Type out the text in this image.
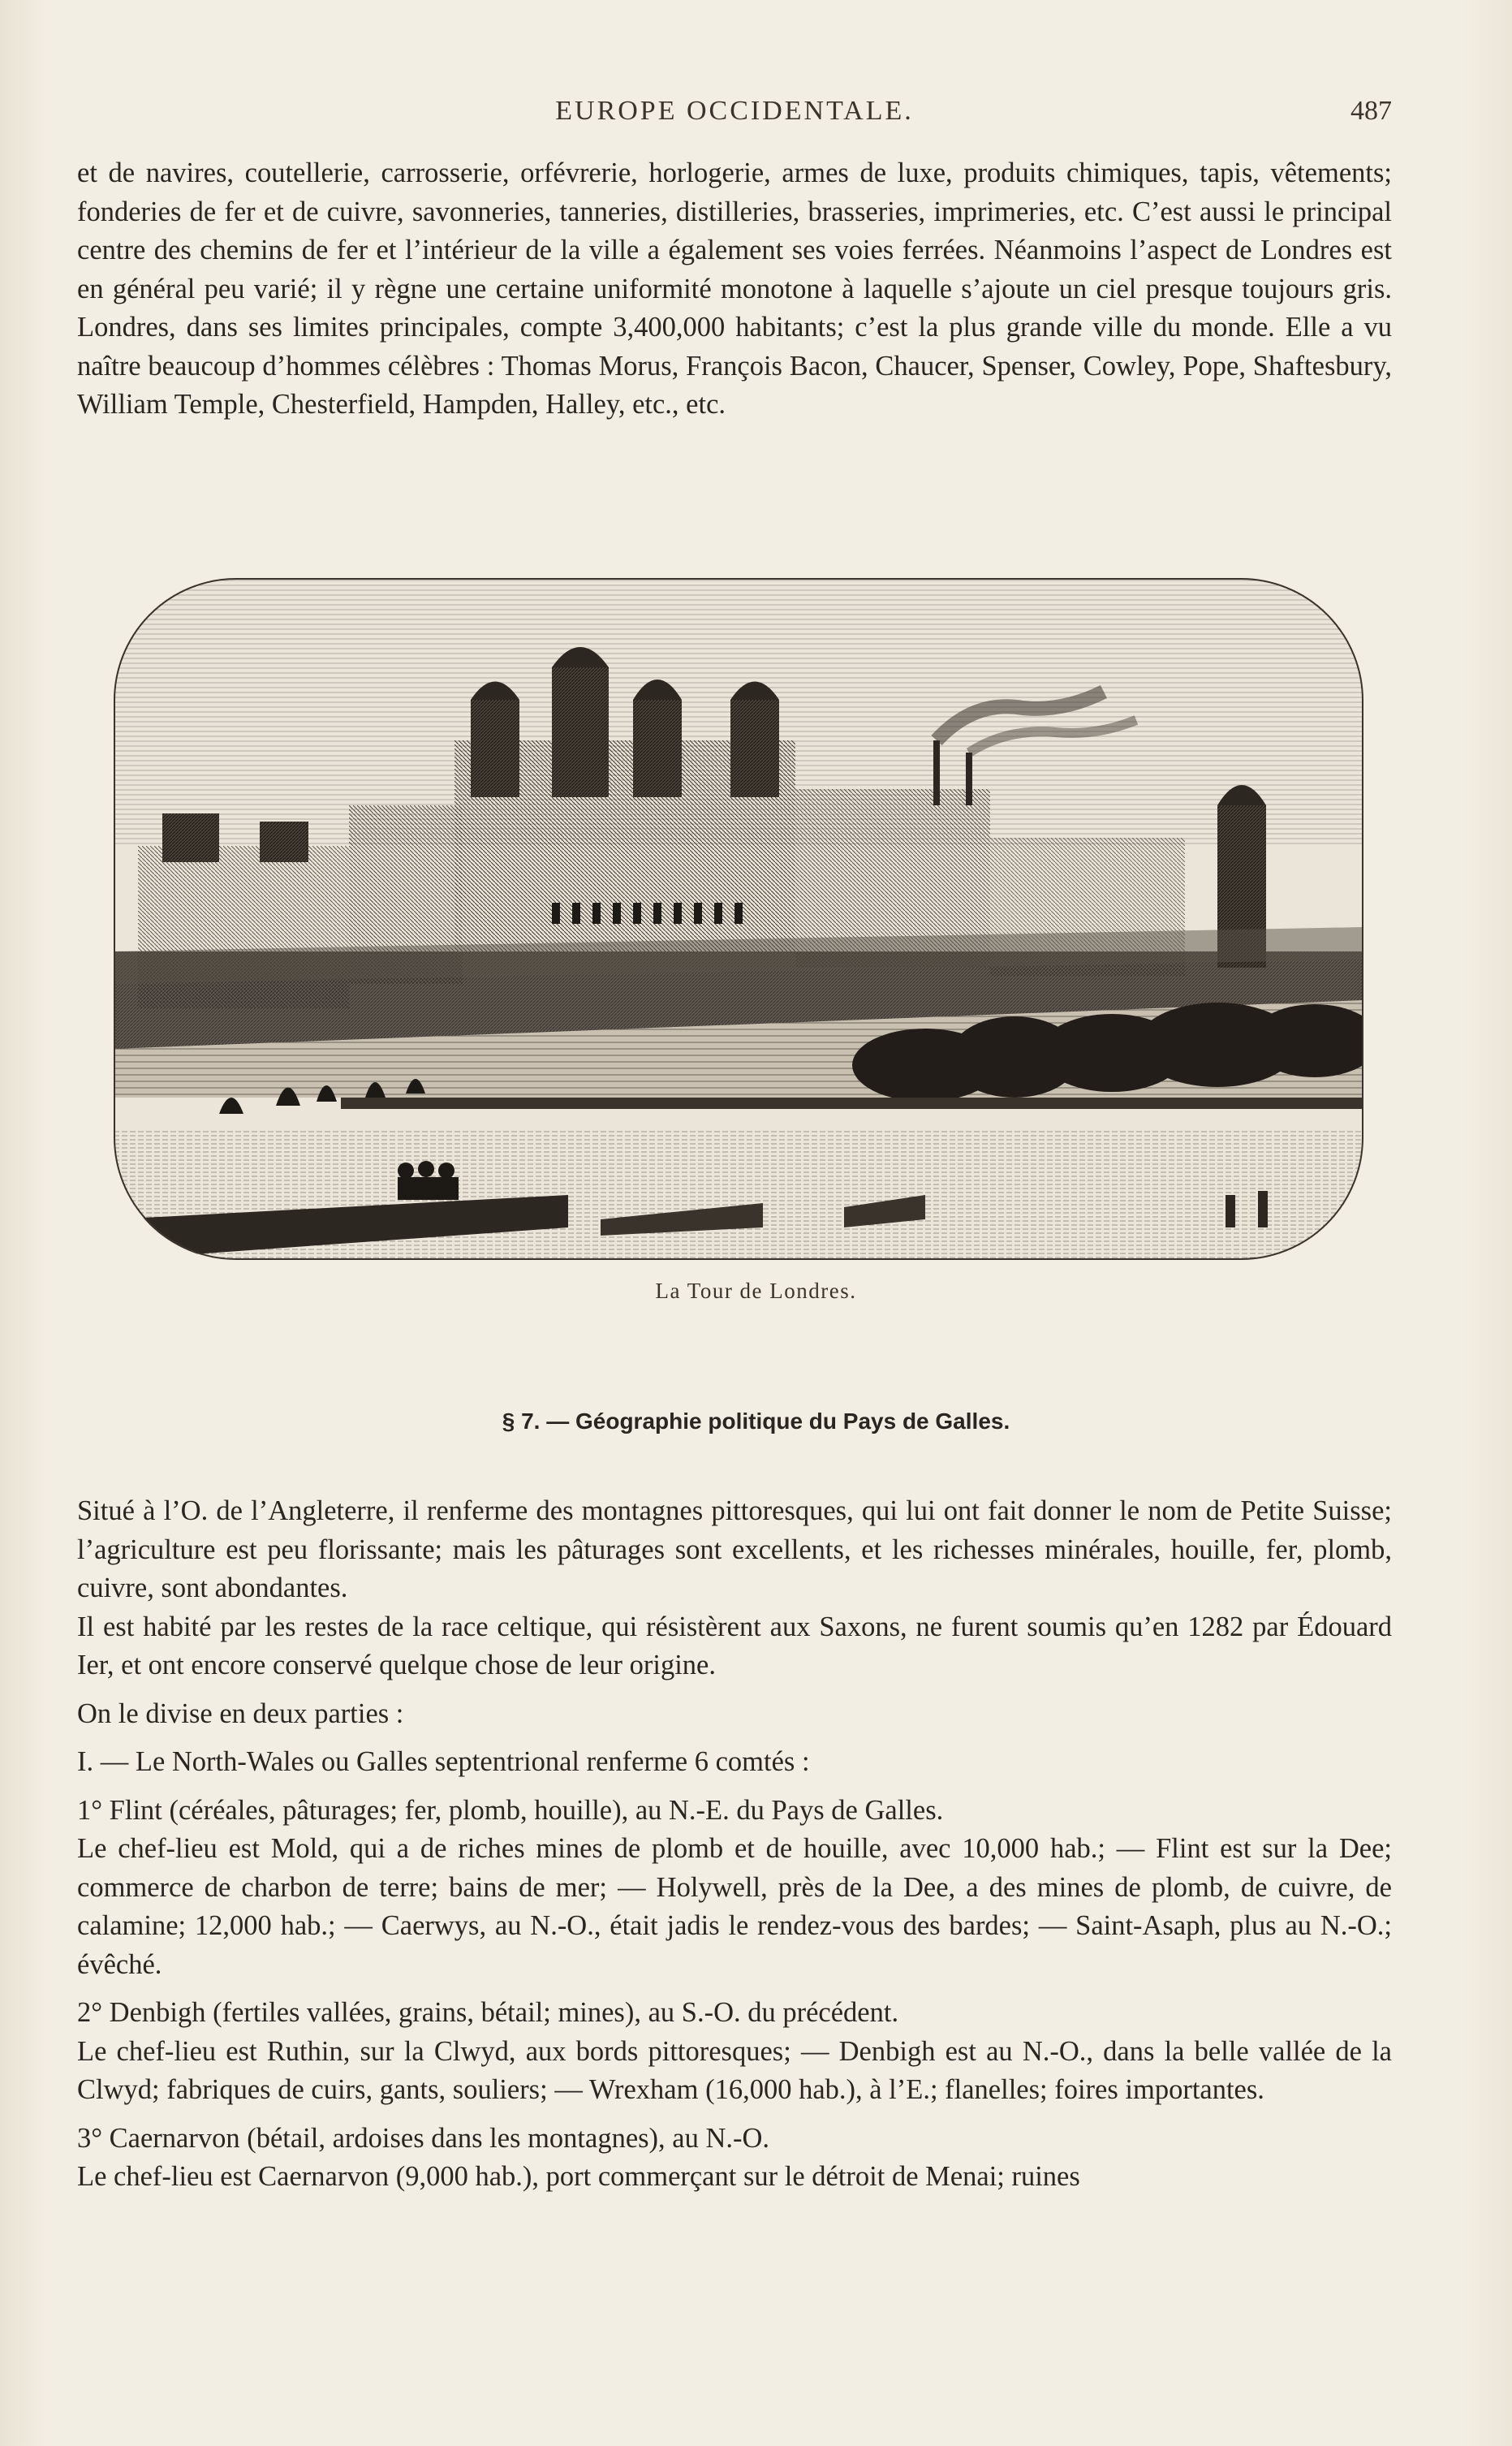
EUROPE OCCIDENTALE.	487

et de navires, coutellerie, carrosserie, orfévrerie, horlogerie, armes de luxe, produits chimiques, tapis, vêtements; fonderies de fer et de cuivre, savonneries, tanneries, distilleries, brasseries, imprimeries, etc. C’est aussi le principal centre des chemins de fer et l’intérieur de la ville a également ses voies ferrées. Néanmoins l’aspect de Londres est en général peu varié; il y règne une certaine uniformité monotone à laquelle s’ajoute un ciel presque toujours gris. Londres, dans ses limites principales, compte 3,400,000 habitants; c’est la plus grande ville du monde. Elle a vu naître beaucoup d’hommes célèbres : Thomas Morus, François Bacon, Chaucer, Spenser, Cowley, Pope, Shaftesbury, William Temple, Chesterfield, Hampden, Halley, etc., etc.

La Tour de Londres.
§ 7. — Géographie politique du Pays de Galles.

Situé à l’O. de l’Angleterre, il renferme des montagnes pittoresques, qui lui ont fait donner le nom de Petite Suisse; l’agriculture est peu florissante; mais les pâturages sont excellents, et les richesses minérales, houille, fer, plomb, cuivre, sont abondantes.

Il est habité par les restes de la race celtique, qui résistèrent aux Saxons, ne furent soumis qu’en 1282 par Édouard Ier, et ont encore conservé quelque chose de leur origine.

On le divise en deux parties :

I. — Le North-Wales ou Galles septentrional renferme 6 comtés :

1° Flint (céréales, pâturages; fer, plomb, houille), au N.-E. du Pays de Galles.

Le chef-lieu est Mold, qui a de riches mines de plomb et de houille, avec 10,000 hab.; — Flint est sur la Dee; commerce de charbon de terre; bains de mer; — Holywell, près de la Dee, a des mines de plomb, de cuivre, de calamine; 12,000 hab.; — Caerwys, au N.-O., était jadis le rendez-vous des bardes; — Saint-Asaph, plus au N.-O.; évêché.

2° Denbigh (fertiles vallées, grains, bétail; mines), au S.-O. du précédent.

Le chef-lieu est Ruthin, sur la Clwyd, aux bords pittoresques; — Denbigh est au N.-O., dans la belle vallée de la Clwyd; fabriques de cuirs, gants, souliers; — Wrexham (16,000 hab.), à l’E.; flanelles; foires importantes.

3° Caernarvon (bétail, ardoises dans les montagnes), au N.-O.

Le chef-lieu est Caernarvon (9,000 hab.), port commerçant sur le détroit de Menai; ruines
